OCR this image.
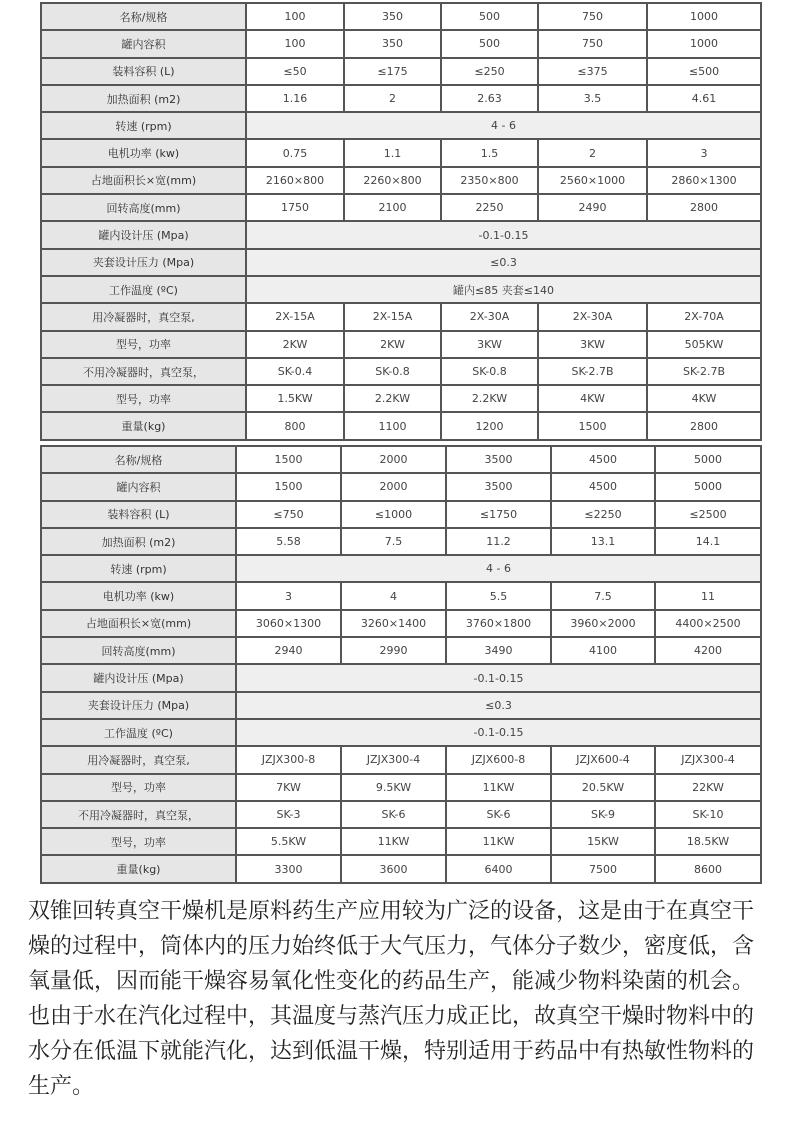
名称/规格	100	350	500	750	1000
罐内容积	100	350	500	750	1000
装料容积 (L)	≤50	≤175	≤250	≤375	≤500
加热面积 (m2)	1.16	2	2.63	3.5	4.61
转速 (rpm)	4 - 6				
电机功率 (kw)	0.75	1.1	1.5	2	3
占地面积长×宽(mm)	2160×800	2260×800	2350×800	2560×1000	2860×1300
回转高度(mm)	1750	2100	2250	2490	2800
罐内设计压 (Mpa)	-0.1-0.15				
夹套设计压力 (Mpa)	≤0.3				
工作温度 (ºC)	罐内≤85 夹套≤140				
用冷凝器时，真空泵,	2X-15A	2X-15A	2X-30A	2X-30A	2X-70A
型号，功率	2KW	2KW	3KW	3KW	505KW
不用冷凝器时，真空泵，	SK-0.4	SK-0.8	SK-0.8	SK-2.7B	SK-2.7B
型号，功率	1.5KW	2.2KW	2.2KW	4KW	4KW
重量(kg)	800	1100	1200	1500	2800
名称/规格	1500	2000	3500	4500	5000
罐内容积	1500	2000	3500	4500	5000
装料容积 (L)	≤750	≤1000	≤1750	≤2250	≤2500
加热面积 (m2)	5.58	7.5	11.2	13.1	14.1
转速 (rpm)	4 - 6				
电机功率 (kw)	3	4	5.5	7.5	11
占地面积长×宽(mm)	3060×1300	3260×1400	3760×1800	3960×2000	4400×2500
回转高度(mm)	2940	2990	3490	4100	4200
罐内设计压 (Mpa)	-0.1-0.15				
夹套设计压力 (Mpa)	≤0.3				
工作温度 (ºC)	-0.1-0.15				
用冷凝器时，真空泵,	JZJX300-8	JZJX300-4	JZJX600-8	JZJX600-4	JZJX300-4
型号，功率	7KW	9.5KW	11KW	20.5KW	22KW
不用冷凝器时，真空泵，	SK-3	SK-6	SK-6	SK-9	SK-10
型号，功率	5.5KW	11KW	11KW	15KW	18.5KW
重量(kg)	3300	3600	6400	7500	8600

双锥回转真空干燥机是原料药生产应用较为广泛的设备，这是由于在真空干燥的过程中，筒体内的压力始终低于大气压力，气体分子数少，密度低，含氧量低，因而能干燥容易氧化性变化的药品生产，能减少物料染菌的机会。也由于水在汽化过程中，其温度与蒸汽压力成正比，故真空干燥时物料中的水分在低温下就能汽化，达到低温干燥，特别适用于药品中有热敏性物料的生产。
